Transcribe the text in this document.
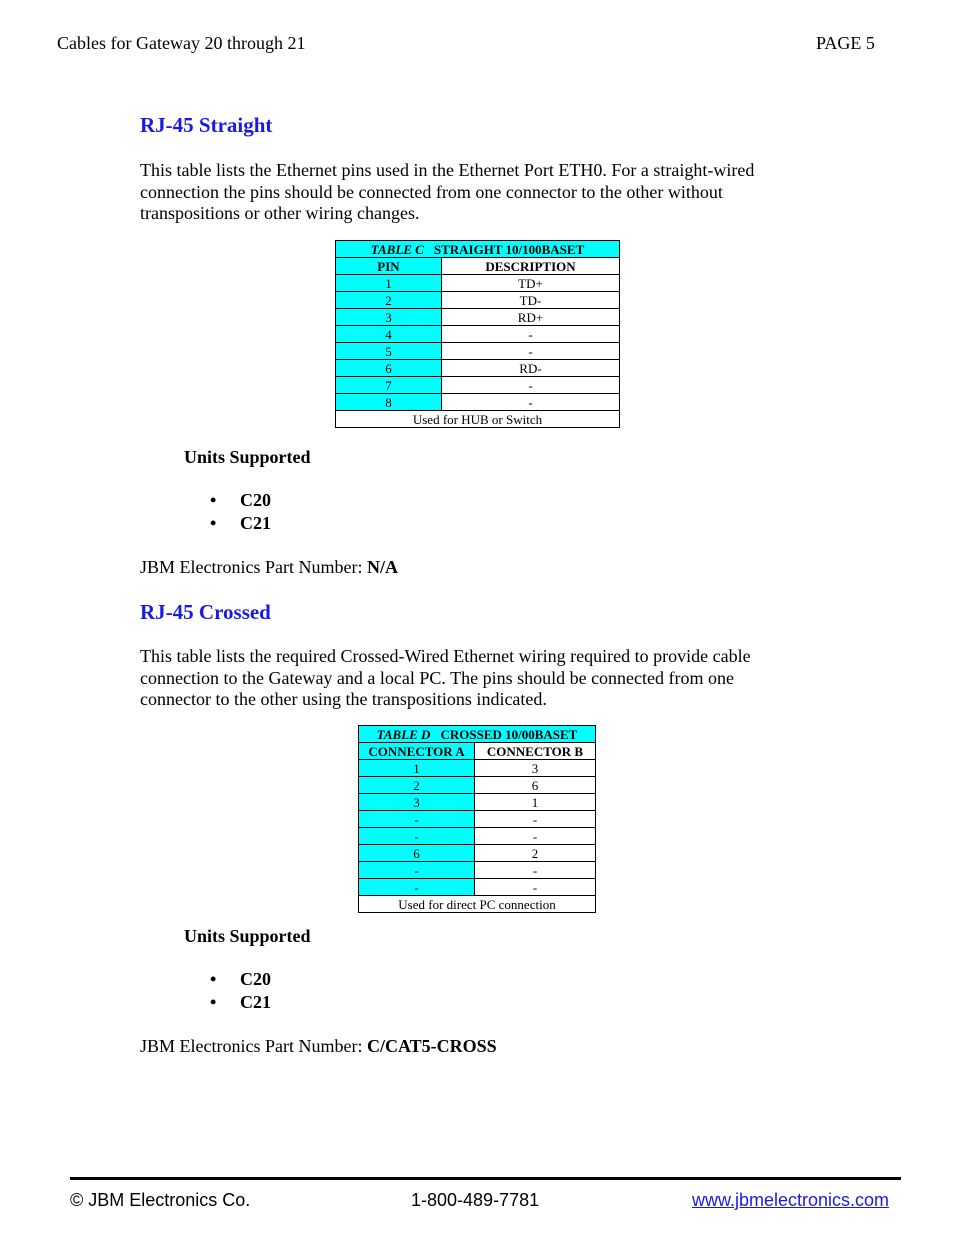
Cables for Gateway 20 through 21	PAGE 5
RJ-45 Straight
This table lists the Ethernet pins used in the Ethernet Port ETH0. For a straight-wired connection the pins should be connected from one connector to the other without transpositions or other wiring changes.
TABLE C STRAIGHT 10/100BASET	
PIN	DESCRIPTION
1	TD+
2	TD-
3	RD+
4	-
5	-
6	RD-
7	-
8	-
Used for HUB or Switch	
Units Supported
• C20
• C21
JBM Electronics Part Number: N/A
RJ-45 Crossed
This table lists the required Crossed-Wired Ethernet wiring required to provide cable connection to the Gateway and a local PC. The pins should be connected from one connector to the other using the transpositions indicated.
TABLE D CROSSED 10/00BASET	
CONNECTOR A	CONNECTOR B
1	3
2	6
3	1
-	-
-	-
6	2
-	-
-	-
Used for direct PC connection	
Units Supported
• C20
• C21
JBM Electronics Part Number: C/CAT5-CROSS
© JBM Electronics Co.	1-800-489-7781	www.jbmelectronics.com
